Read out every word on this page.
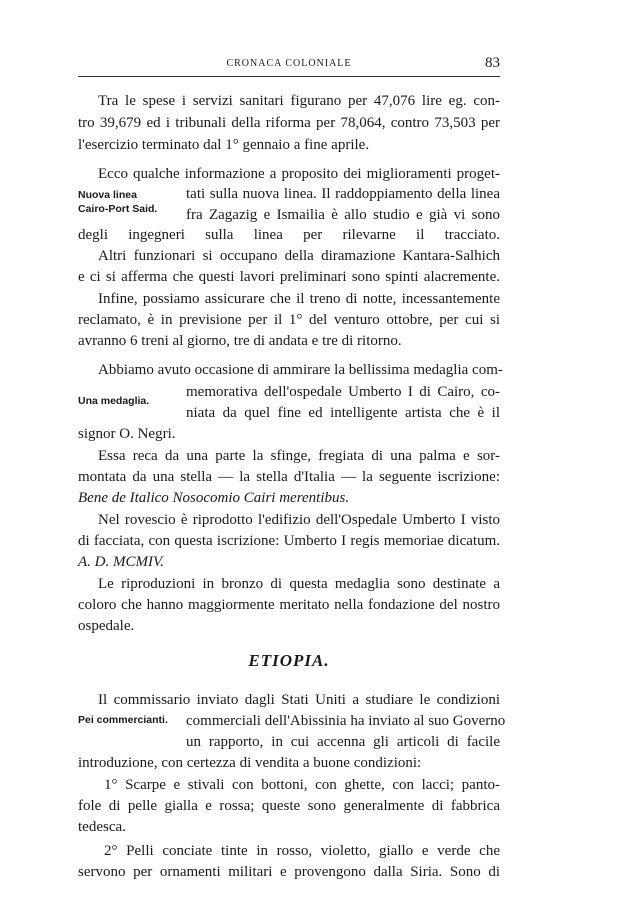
CRONACA COLONIALE	83
Tra le spese i servizi sanitari figurano per 47,076 lire eg. con-
tro 39,679 ed i tribunali della riforma per 78,064, contro 73,503 per
l'esercizio terminato dal 1° gennaio a fine aprile.
Ecco qualche informazione a proposito dei miglioramenti proget-
Nuova linea
Cairo-Port Said.
tati sulla nuova linea. Il raddoppiamento della linea
fra Zagazig e Ismailia è allo studio e già vi sono
degli ingegneri sulla linea per rilevarne il tracciato.
Altri funzionari si occupano della diramazione Kantara-Salhich
e ci si afferma che questi lavori preliminari sono spinti alacremente.
Infine, possiamo assicurare che il treno di notte, incessantemente
reclamato, è in previsione per il 1° del venturo ottobre, per cui si
avranno 6 treni al giorno, tre di andata e tre di ritorno.
Abbiamo avuto occasione di ammirare la bellissima medaglia com-
memorativa dell'ospedale Umberto I di Cairo, co-
Una medaglia.
niata da quel fine ed intelligente artista che è il
signor O. Negri.
Essa reca da una parte la sfinge, fregiata di una palma e sor-
montata da una stella — la stella d'Italia — la seguente iscrizione:
Bene de Italico Nosocomio Cairi merentibus.
Nel rovescio è riprodotto l'edifizio dell'Ospedale Umberto I visto
di facciata, con questa iscrizione: Umberto I regis memoriae dicatum.
A. D. MCMIV.
Le riproduzioni in bronzo di questa medaglia sono destinate a
coloro che hanno maggiormente meritato nella fondazione del nostro
ospedale.
ETIOPIA.
Il commissario inviato dagli Stati Uniti a studiare le condizioni
Pei commercianti. commerciali dell'Abissinia ha inviato al suo Governo
un rapporto, in cui accenna gli articoli di facile
introduzione, con certezza di vendita a buone condizioni:
1° Scarpe e stivali con bottoni, con ghette, con lacci; panto-
fole di pelle gialla e rossa; queste sono generalmente di fabbrica
tedesca.
2° Pelli conciate tinte in rosso, violetto, giallo e verde che
servono per ornamenti militari e provengono dalla Siria. Sono di
